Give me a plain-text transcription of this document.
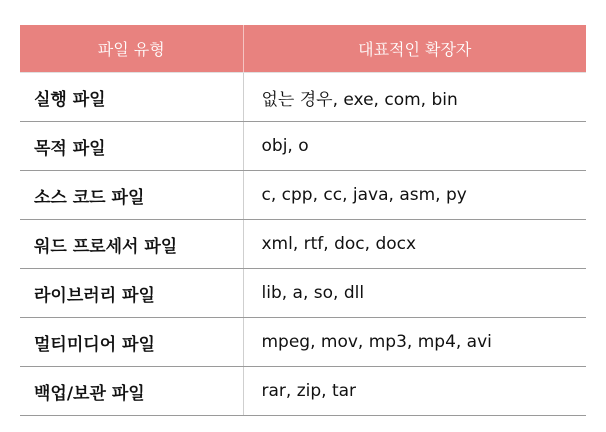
파일 유형	대표적인 확장자
실행 파일	없는 경우, exe, com, bin
목적 파일	obj, o
소스 코드 파일	c, cpp, cc, java, asm, py
워드 프로세서 파일	xml, rtf, doc, docx
라이브러리 파일	lib, a, so, dll
멀티미디어 파일	mpeg, mov, mp3, mp4, avi
백업/보관 파일	rar, zip, tar
